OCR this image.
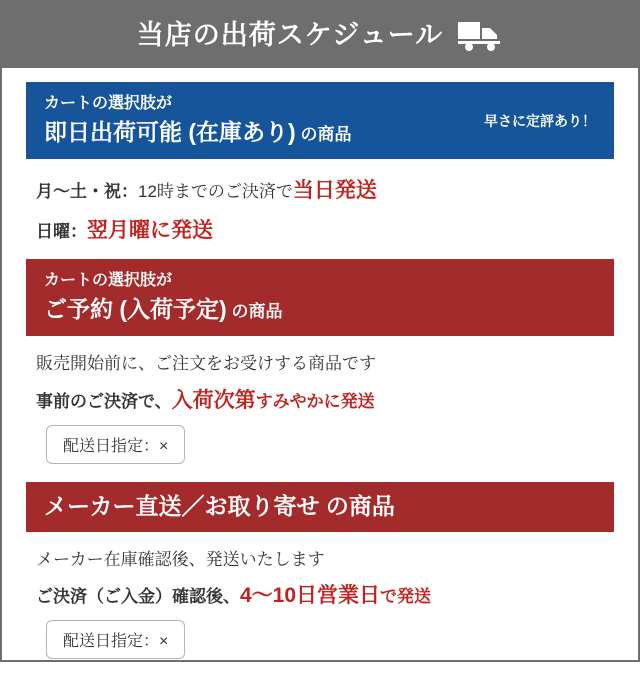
当店の出荷スケジュール
カートの選択肢が
即日出荷可能 (在庫あり) の商品
早さに定評あり！
月〜土・祝：12時までのご決済で当日発送
日曜：翌月曜に発送
カートの選択肢が
ご予約 (入荷予定) の商品
販売開始前に、ご注文をお受けする商品です
事前のご決済で、入荷次第すみやかに発送
配送日指定：×
メーカー直送／お取り寄せ の商品
メーカー在庫確認後、発送いたします
ご決済（ご入金）確認後、4〜10日営業日で発送
配送日指定：×
